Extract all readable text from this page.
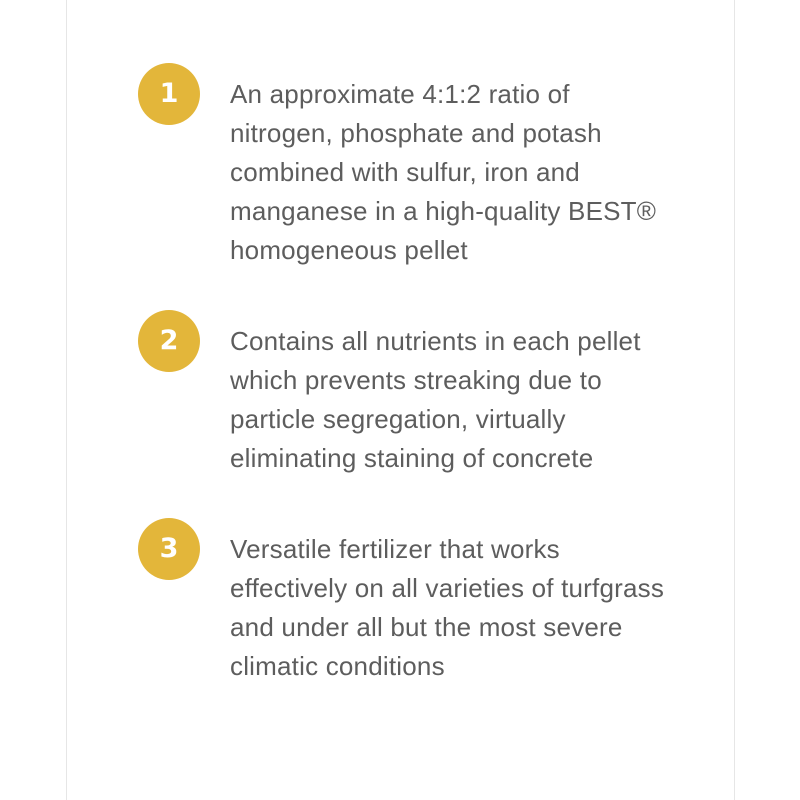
1	An approximate 4:1:2 ratio of nitrogen, phosphate and potash combined with sulfur, iron and manganese in a high-quality BEST® homogeneous pellet

2	Contains all nutrients in each pellet which prevents streaking due to particle segregation, virtually eliminating staining of concrete

3	Versatile fertilizer that works effectively on all varieties of turfgrass and under all but the most severe climatic conditions
